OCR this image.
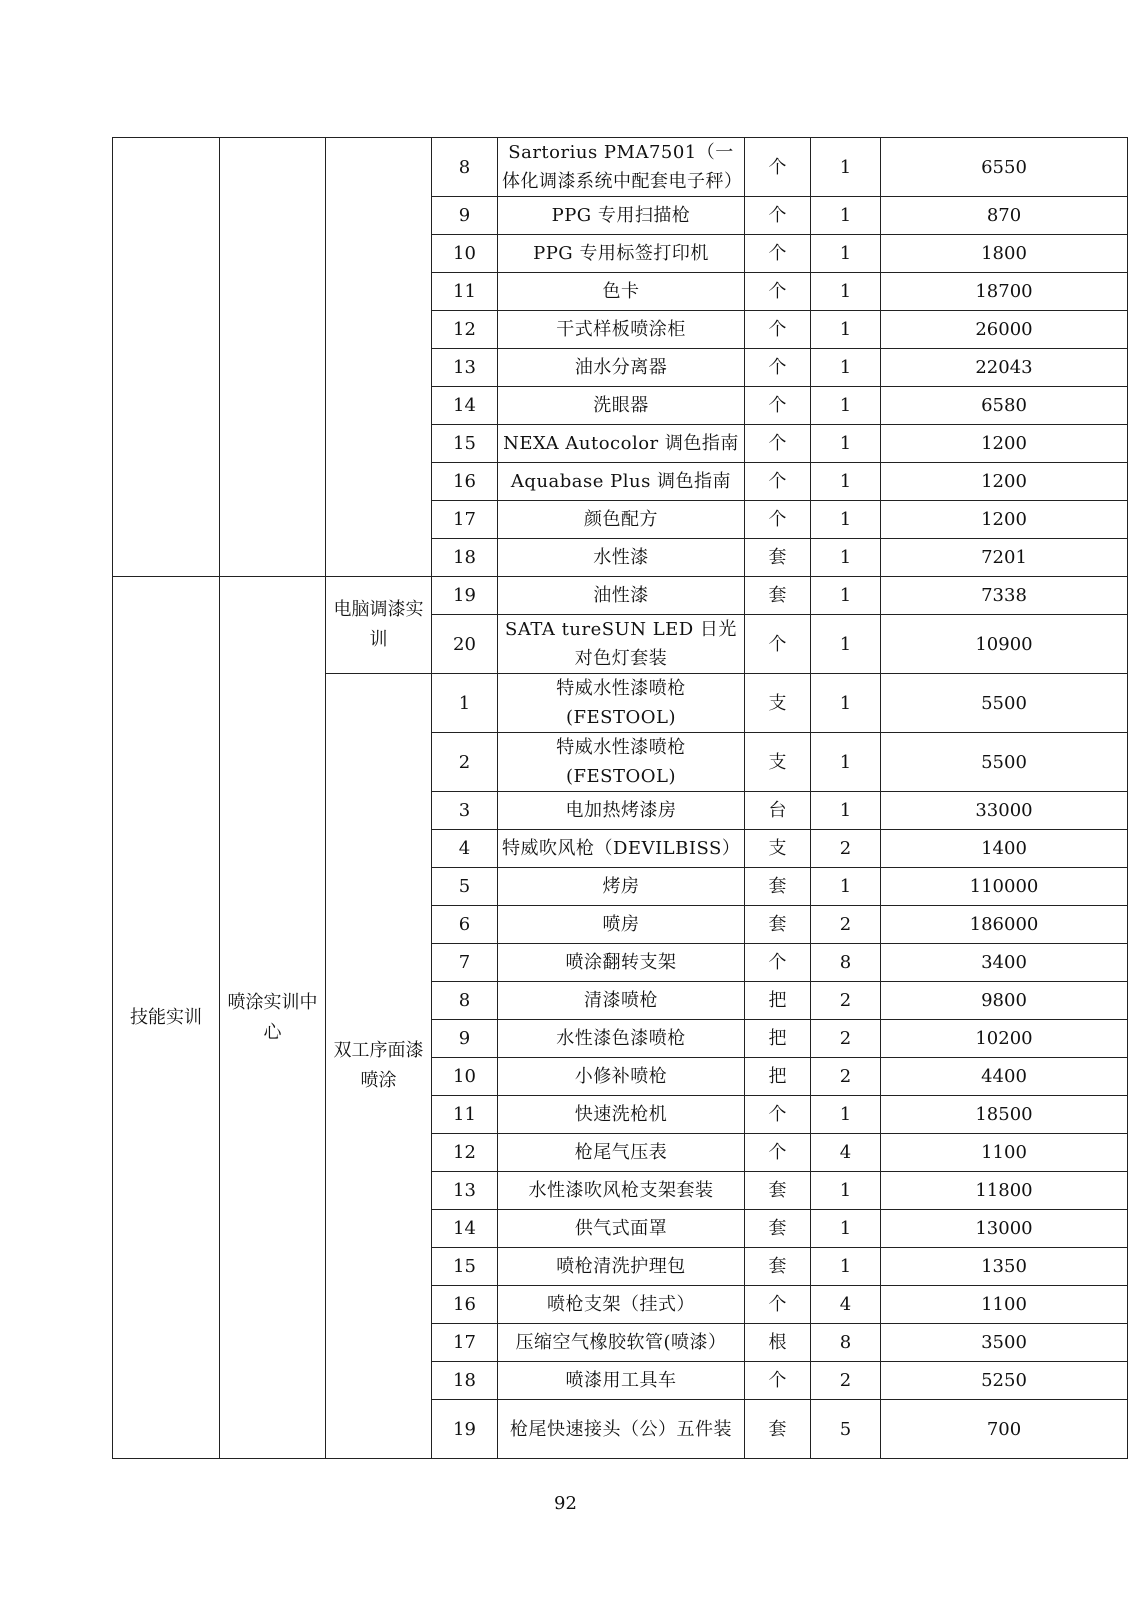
			8	Sartorius PMA7501（一体化调漆系统中配套电子秤）	个	1	6550
			9	PPG 专用扫描枪	个	1	870
			10	PPG 专用标签打印机	个	1	1800
			11	色卡	个	1	18700
			12	干式样板喷涂柜	个	1	26000
			13	油水分离器	个	1	22043
			14	洗眼器	个	1	6580
			15	NEXA Autocolor 调色指南	个	1	1200
			16	Aquabase Plus 调色指南	个	1	1200
			17	颜色配方	个	1	1200
			18	水性漆	套	1	7201
技能实训	喷涂实训中心	电脑调漆实训	19	油性漆	套	1	7338
			20	SATA tureSUN LED 日光对色灯套装	个	1	10900
		双工序面漆喷涂	1	特威水性漆喷枪(FESTOOL)	支	1	5500
			2	特威水性漆喷枪(FESTOOL)	支	1	5500
			3	电加热烤漆房	台	1	33000
			4	特威吹风枪（DEVILBISS）	支	2	1400
			5	烤房	套	1	110000
			6	喷房	套	2	186000
			7	喷涂翻转支架	个	8	3400
			8	清漆喷枪	把	2	9800
			9	水性漆色漆喷枪	把	2	10200
			10	小修补喷枪	把	2	4400
			11	快速洗枪机	个	1	18500
			12	枪尾气压表	个	4	1100
			13	水性漆吹风枪支架套装	套	1	11800
			14	供气式面罩	套	1	13000
			15	喷枪清洗护理包	套	1	1350
			16	喷枪支架（挂式）	个	4	1100
			17	压缩空气橡胶软管(喷漆）	根	8	3500
			18	喷漆用工具车	个	2	5250
			19	枪尾快速接头（公）五件装	套	5	700
92
